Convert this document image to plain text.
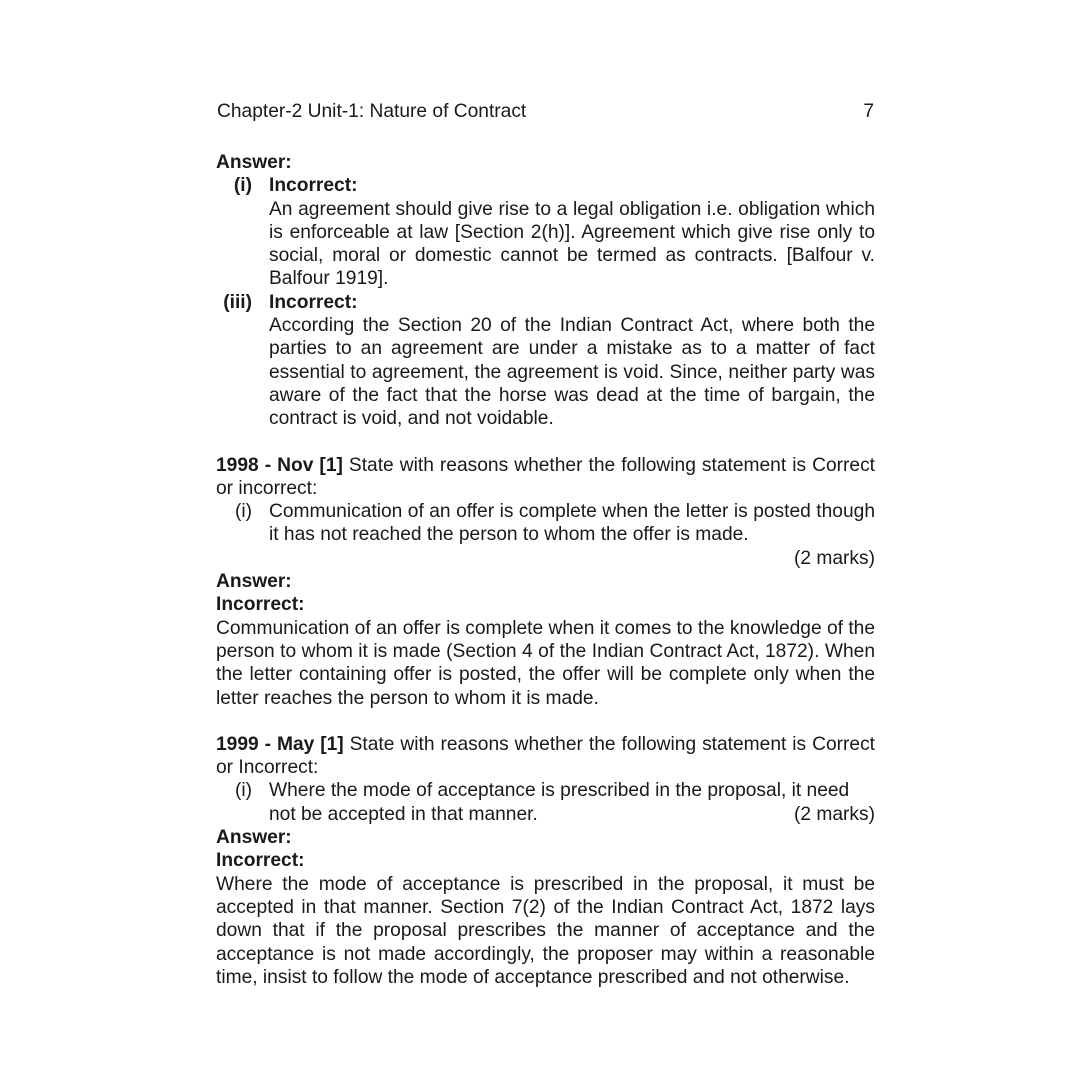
Chapter-2 Unit-1: Nature of Contract	7

Answer:

(i) Incorrect:

An agreement should give rise to a legal obligation i.e. obligation which is enforceable at law [Section 2(h)]. Agreement which give rise only to social, moral or domestic cannot be termed as contracts. [Balfour v. Balfour 1919].

(iii) Incorrect:

According the Section 20 of the Indian Contract Act, where both the parties to an agreement are under a mistake as to a matter of fact essential to agreement, the agreement is void. Since, neither party was aware of the fact that the horse was dead at the time of bargain, the contract is void, and not voidable.

1998 - Nov [1] State with reasons whether the following statement is Correct or incorrect:

(i) Communication of an offer is complete when the letter is posted though it has not reached the person to whom the offer is made.

(2 marks)

Answer:

Incorrect:

Communication of an offer is complete when it comes to the knowledge of the person to whom it is made (Section 4 of the Indian Contract Act, 1872). When the letter containing offer is posted, the offer will be complete only when the letter reaches the person to whom it is made.

1999 - May [1] State with reasons whether the following statement is Correct or Incorrect:

(i) Where the mode of acceptance is prescribed in the proposal, it need

not be accepted in that manner.	(2 marks)

Answer:

Incorrect:

Where the mode of acceptance is prescribed in the proposal, it must be accepted in that manner. Section 7(2) of the Indian Contract Act, 1872 lays down that if the proposal prescribes the manner of acceptance and the acceptance is not made accordingly, the proposer may within a reasonable time, insist to follow the mode of acceptance prescribed and not otherwise.
